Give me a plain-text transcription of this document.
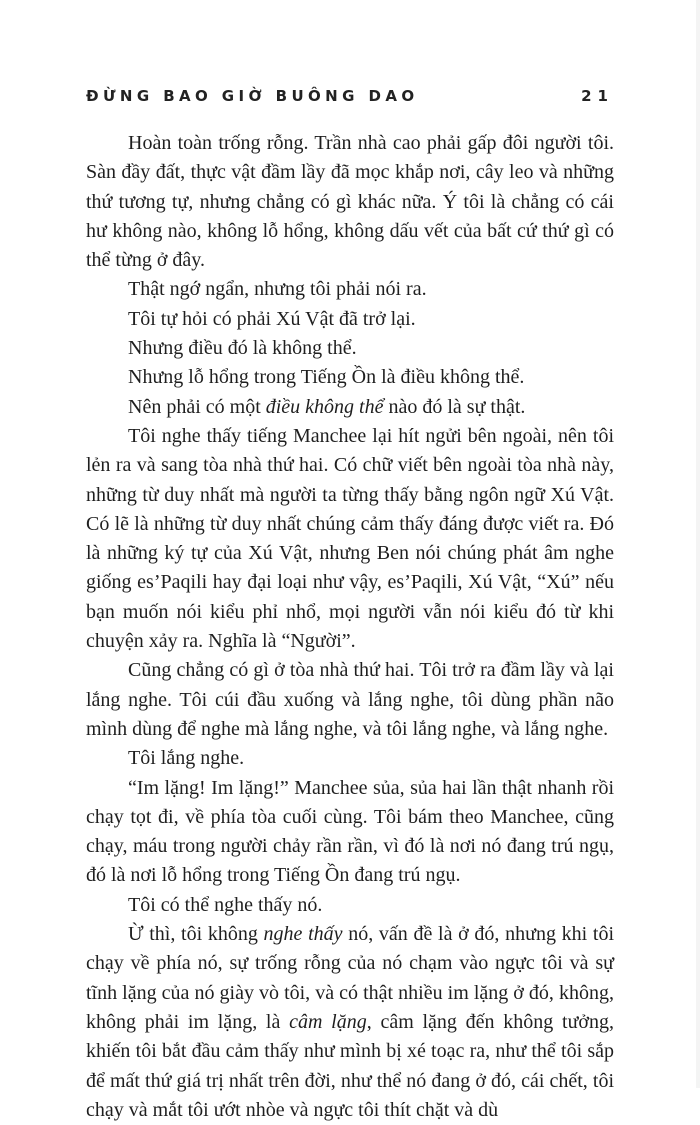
ĐỪNG BAO GIỜ BUÔNG DAO	21

Hoàn toàn trống rỗng. Trần nhà cao phải gấp đôi người tôi. Sàn đầy đất, thực vật đầm lầy đã mọc khắp nơi, cây leo và những thứ tương tự, nhưng chẳng có gì khác nữa. Ý tôi là chẳng có cái hư không nào, không lỗ hổng, không dấu vết của bất cứ thứ gì có thể từng ở đây.

Thật ngớ ngẩn, nhưng tôi phải nói ra.

Tôi tự hỏi có phải Xú Vật đã trở lại.

Nhưng điều đó là không thể.

Nhưng lỗ hổng trong Tiếng Ồn là điều không thể.

Nên phải có một điều không thể nào đó là sự thật.

Tôi nghe thấy tiếng Manchee lại hít ngửi bên ngoài, nên tôi lẻn ra và sang tòa nhà thứ hai. Có chữ viết bên ngoài tòa nhà này, những từ duy nhất mà người ta từng thấy bằng ngôn ngữ Xú Vật. Có lẽ là những từ duy nhất chúng cảm thấy đáng được viết ra. Đó là những ký tự của Xú Vật, nhưng Ben nói chúng phát âm nghe giống es’Paqili hay đại loại như vậy, es’Paqili, Xú Vật, “Xú” nếu bạn muốn nói kiểu phỉ nhổ, mọi người vẫn nói kiểu đó từ khi chuyện xảy ra. Nghĩa là “Người”.

Cũng chẳng có gì ở tòa nhà thứ hai. Tôi trở ra đầm lầy và lại lắng nghe. Tôi cúi đầu xuống và lắng nghe, tôi dùng phần não mình dùng để nghe mà lắng nghe, và tôi lắng nghe, và lắng nghe.

Tôi lắng nghe.

“Im lặng! Im lặng!” Manchee sủa, sủa hai lần thật nhanh rồi chạy tọt đi, về phía tòa cuối cùng. Tôi bám theo Manchee, cũng chạy, máu trong người chảy rần rần, vì đó là nơi nó đang trú ngụ, đó là nơi lỗ hổng trong Tiếng Ồn đang trú ngụ.

Tôi có thể nghe thấy nó.

Ừ thì, tôi không nghe thấy nó, vấn đề là ở đó, nhưng khi tôi chạy về phía nó, sự trống rỗng của nó chạm vào ngực tôi và sự tĩnh lặng của nó giày vò tôi, và có thật nhiều im lặng ở đó, không, không phải im lặng, là câm lặng, câm lặng đến không tưởng, khiến tôi bắt đầu cảm thấy như mình bị xé toạc ra, như thể tôi sắp để mất thứ giá trị nhất trên đời, như thể nó đang ở đó, cái chết, tôi chạy và mắt tôi ướt nhòe và ngực tôi thít chặt và dù
